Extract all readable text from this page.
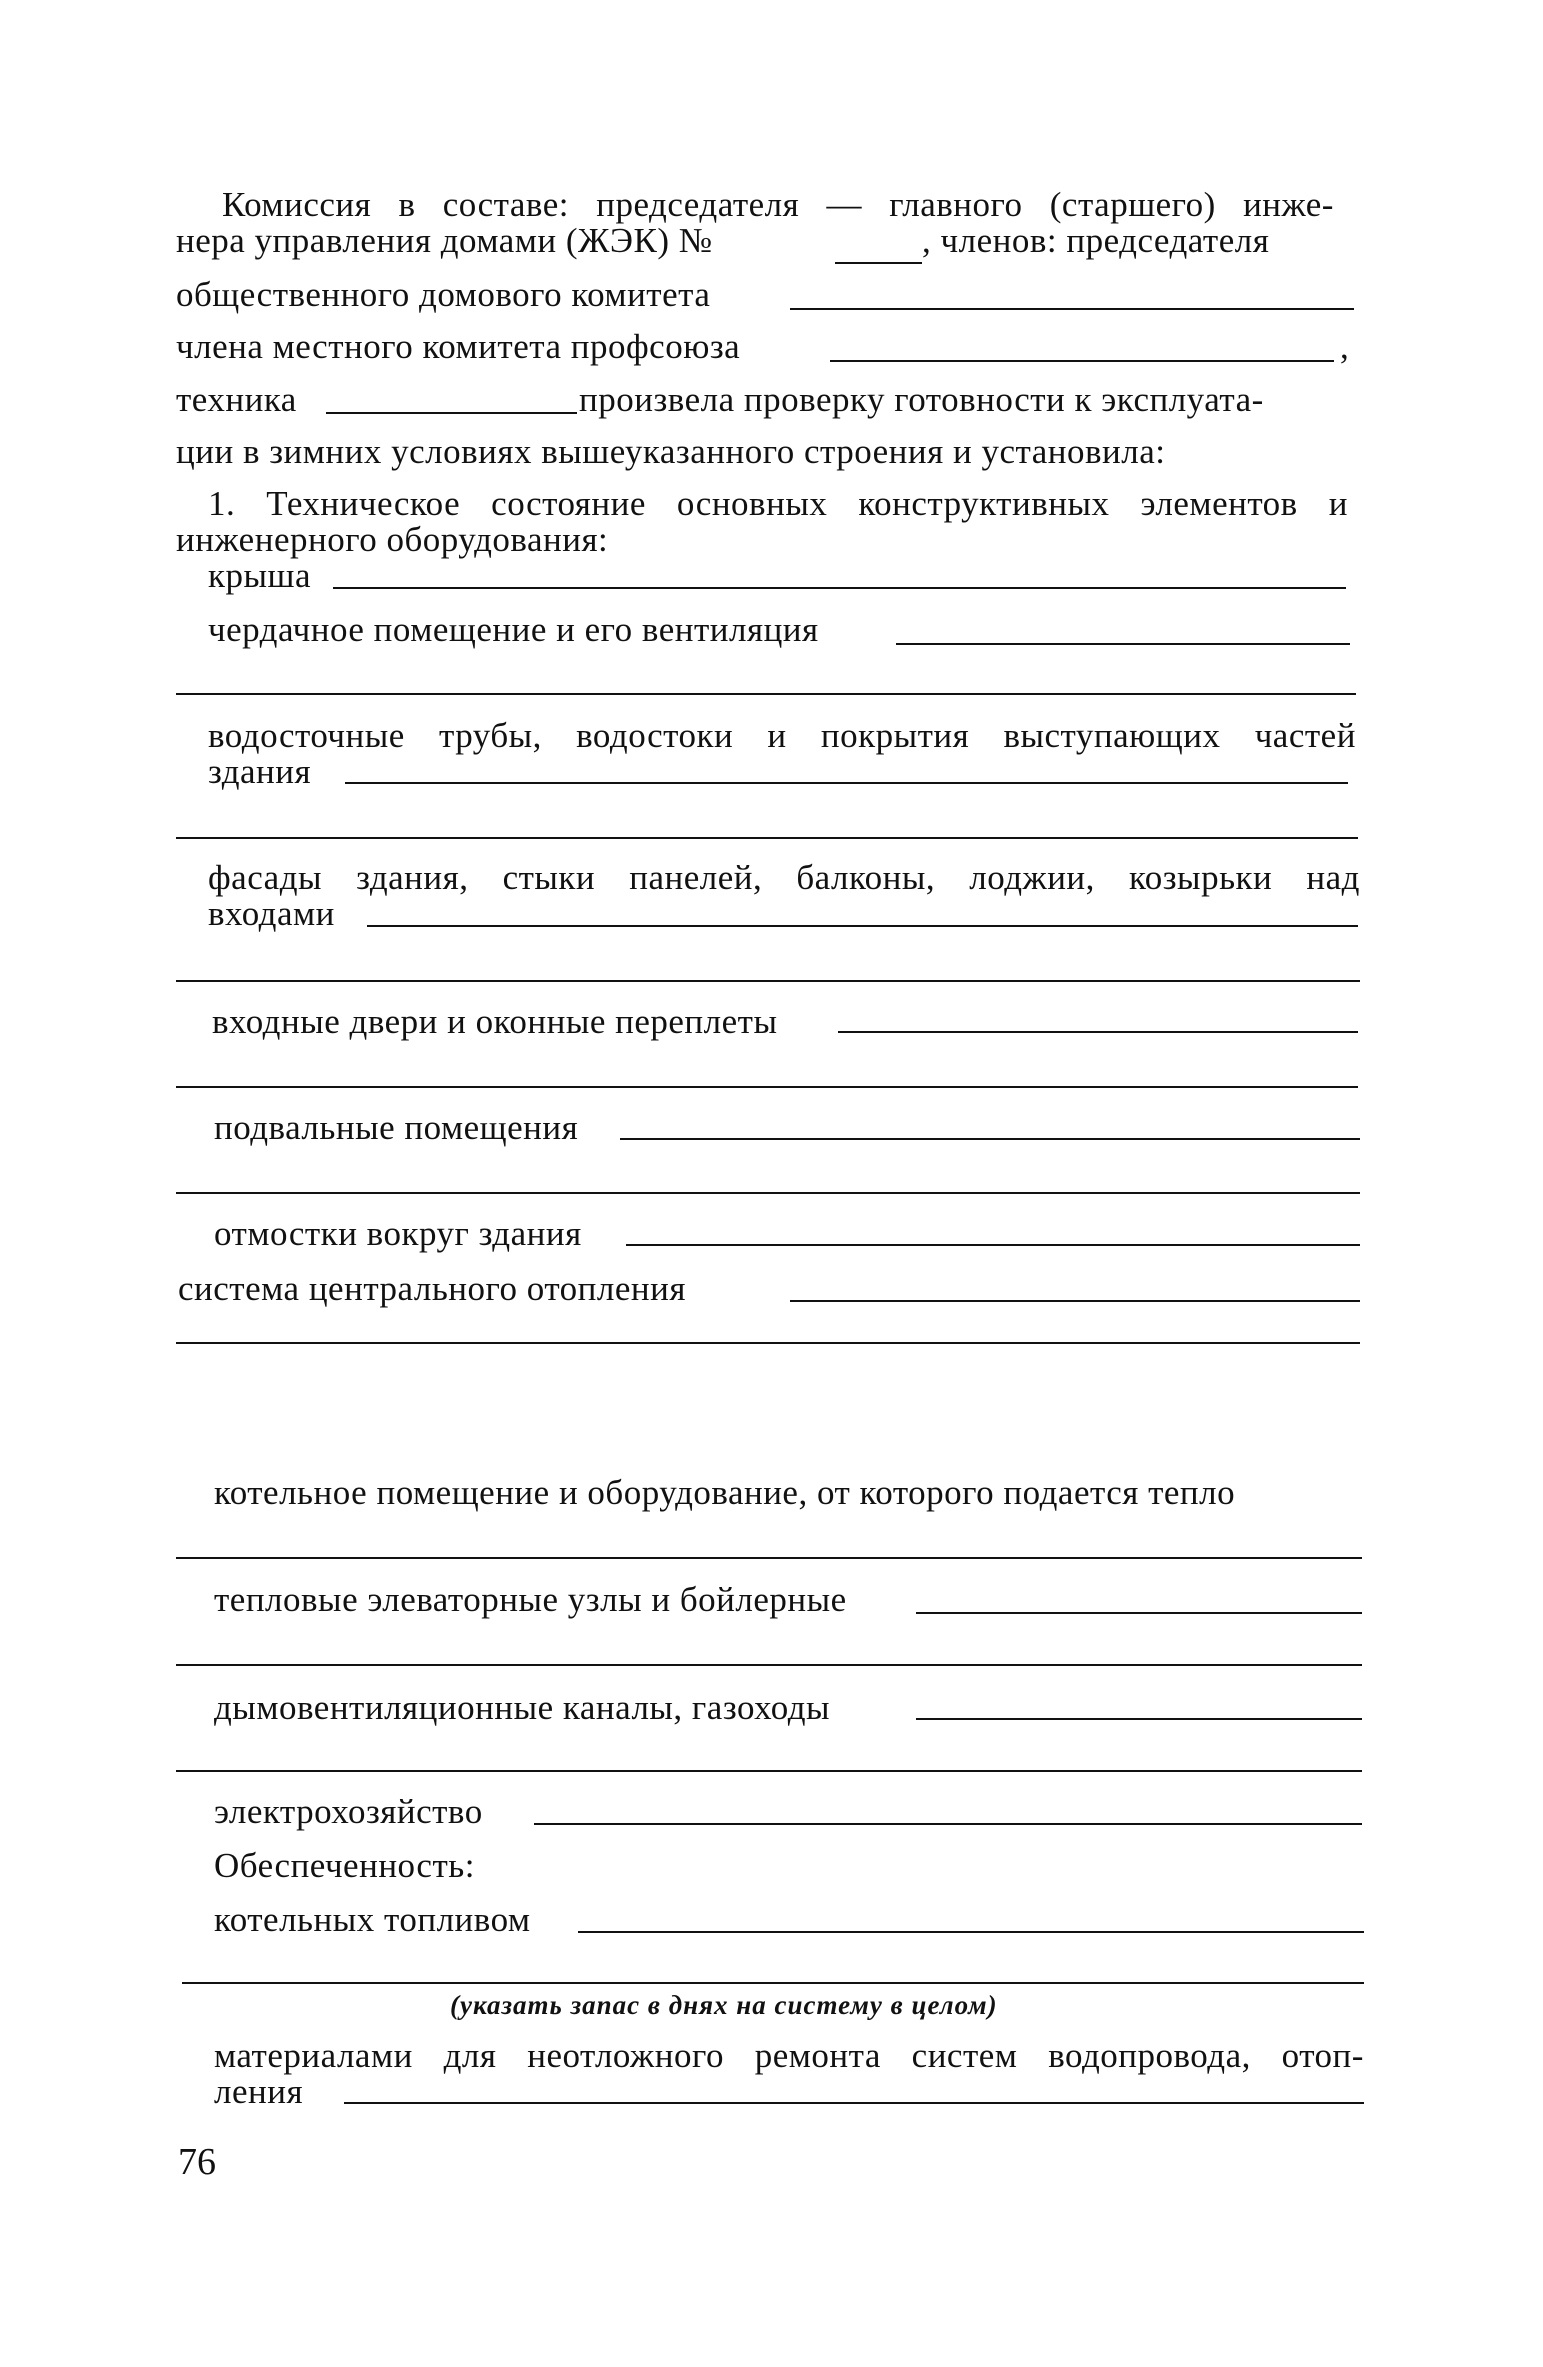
Комиссия в составе: председателя — главного (старшего) инже-
нера управления домами (ЖЭК) №	, членов: председателя
общественного домового комитета
члена местного комитета профсоюза	,
техника	произвела проверку готовности к эксплуата-
ции в зимних условиях вышеуказанного строения и установила:
1. Техническое состояние основных конструктивных элементов и
инженерного оборудования:
крыша
чердачное помещение и его вентиляция
водосточные трубы, водостоки и покрытия выступающих частей
здания
фасады здания, стыки панелей, балконы, лоджии, козырьки над
входами
входные двери и оконные переплеты
подвальные помещения
отмостки вокруг здания
система центрального отопления
котельное помещение и оборудование, от которого подается тепло
тепловые элеваторные узлы и бойлерные
дымовентиляционные каналы, газоходы
электрохозяйство
Обеспеченность:
котельных топливом
(указать запас в днях на систему в целом)
материалами для неотложного ремонта систем водопровода, отоп-
ления
76
